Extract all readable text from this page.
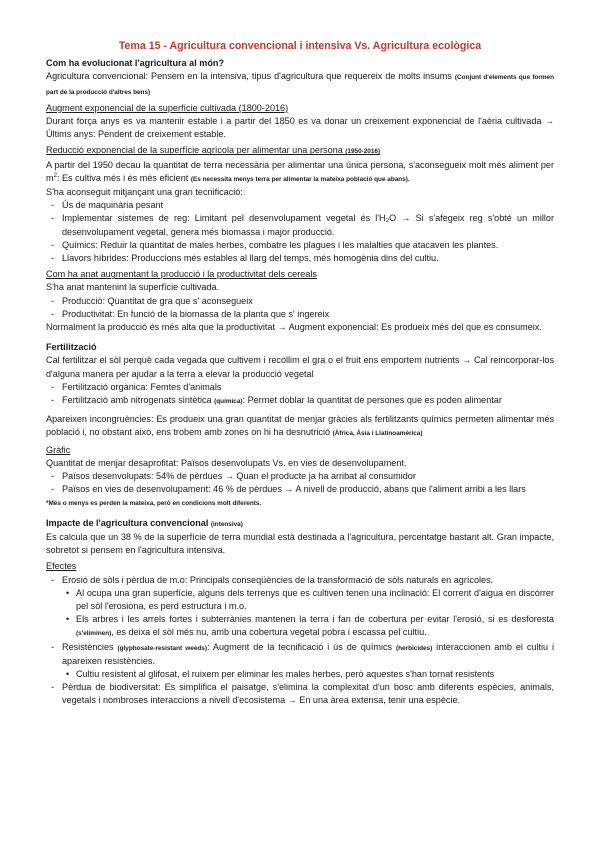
Tema 15 - Agricultura convencional i intensiva Vs. Agricultura ecològica
Com ha evolucionat l'agricultura al món?

Agricultura convencional: Pensem en la intensiva, tipus d'agricultura que requereix de molts insums (Conjunt d'elements que formen part de la producció d'altres bens)

Augment exponencial de la superfície cultivada (1800-2016)

Durant força anys es va mantenir estable i a partir del 1850 es va donar un creixement exponencial de l'aèria cultivada → Últims anys: Pendent de creixement estable.

Reducció exponencial de la superfície agrícola per alimentar una persona (1950-2016)

A partir del 1950 decau la quantitat de terra necessària per alimentar una única persona, s'aconsegueix molt més aliment per $m^2$: Es cultiva més i és més eficient (Es necessita menys terra per alimentar la mateixa població que abans).

S'ha aconseguit mitjançant una gran tecnificació:

- Ús de maquinària pesant
- Implementar sistemes de reg: Limitant pel desenvolupament vegetal és l'H₂O → Si s'afegeix reg s'obté un millor desenvolupament vegetal, genera més biomassa i major producció.
- Químics: Reduir la quantitat de males herbes, combatre les plagues i les malalties que atacaven les plantes.
- Llavors híbrides: Produccions més estables al llarg del temps, més homogènia dins del cultiu.
Com ha anat augmentant la producció i la productivitat dels cereals

S'ha anat mantenint la superfície cultivada.

- Producció: Quantitat de gra que s' aconsegueix
- Productivitat: En funció de la biomassa de la planta que s' ingereix

Normalment la producció és més alta que la productivitat → Augment exponencial: Es produeix més del que es consumeix.

Fertilització

Cal fertilitzar el sòl perquè cada vegada que cultivem i recollim el gra o el fruit ens emportem nutrients → Cal reincorporar-los d'alguna manera per ajudar a la terra a elevar la producció vegetal

- Fertilització orgànica: Femtes d'animals
- Fertilització amb nitrogenats sintètica (química): Permet doblar la quantitat de persones que es poden alimentar

Apareixen incongruències: Es produeix una gran quantitat de menjar gràcies als fertilitzants químics permeten alimentar més població i, no obstant això, ens trobem amb zones on hi ha desnutrició (Àfrica, Àsia i Llatinoamèrica)

Gràfic

Quantitat de menjar desaprofitat: Països desenvolupats Vs. en vies de desenvolupament.

- Països desenvolupats: 54% de pèrdues → Quan el producte ja ha arribat al consumidor
- Països en vies de desenvolupament: 46 % de pèrdues → A nivell de producció, abans que l'aliment arribi a les llars

*Més o menys es perden la mateixa, però en condicions molt diferents.

Impacte de l'agricultura convencional (intensiva)

Es calcula que un 38 % de la superfície de terra mundial està destinada a l'agricultura, percentatge bastant alt. Gran impacte, sobretot si pensem en l'agricultura intensiva.

Efectes
- Erosió de sòls i pèrdua de m.o: Principals conseqüències de la transformació de sòls naturals en agrícoles.
• Al ocupa una gran superfície, alguns dels terrenys que es cultiven tenen una inclinació: El corrent d'aigua en discórrer pel sòl l'erosiona, es perd estructura i m.o.
• Els arbres i les arrels fortes i subterrànies mantenen la terra i fan de cobertura per evitar l'erosió, si es desforesta (s'eliminen), es deixa el sòl més nu, amb una cobertura vegetal pobra i escassa pel cultiu.
- Resistències (glyphosate-resistant weeds): Augment de la tecnificació i ús de químics (herbicides) interaccionen amb el cultiu i apareixen resistències.
• Cultiu resistent al glifosat, el ruixem per eliminar les males herbes, però aquestes s'han tornat resistents
- Pèrdua de biodiversitat: Es simplifica el paisatge, s'elimina la complexitat d'un bosc amb diferents espècies, animals, vegetals i nombroses interaccions a nivell d'ecosistema → En una àrea extensa, tenir una espècie.
